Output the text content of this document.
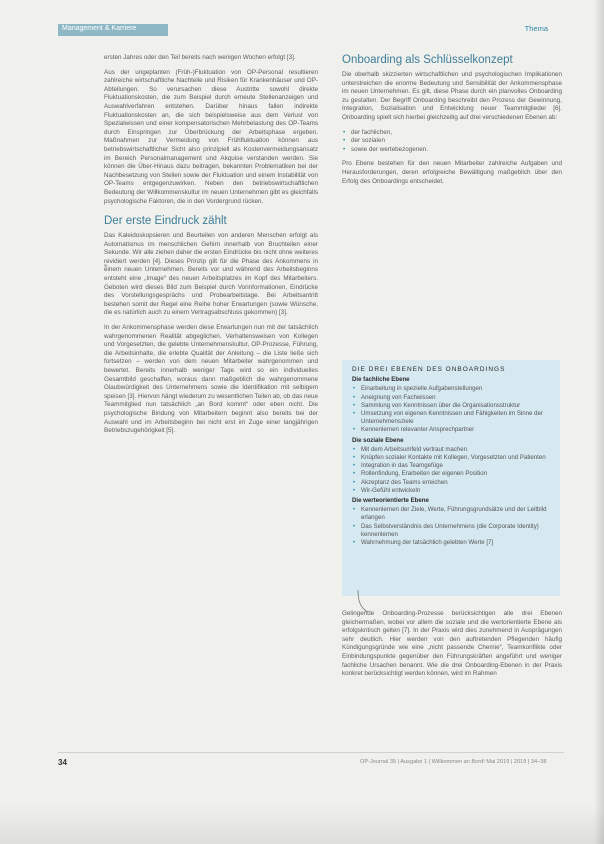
Management & Karriere	Thema

ersten Jahres oder den Teil bereits nach wenigen Wochen erfolgt [3].

Aus der ungeplanten (Früh-)Fluktuation von OP-Personal resultieren zahlreiche wirtschaftliche Nachteile und Risiken für Krankenhäuser und OP-Abteilungen. So verursachen diese Austritte sowohl direkte Fluktuationskosten, die zum Beispiel durch erneute Stellenanzeigen und Auswahlverfahren entstehen. Darüber hinaus fallen indirekte Fluktuationskosten an, die sich beispielsweise aus dem Verlust von Spezialwissen und einer kompensatorischen Mehrbelastung des OP-Teams durch Einspringen zur Überbrückung der Arbeitsphase ergeben. Maßnahmen zur Vermeidung von Frühfluktuation können aus betriebswirtschaftlicher Sicht also prinzipiell als Kostenvermeidungsansatz im Bereich Personalmanagement und Akquise verstanden werden. Sie können die Über-Hinaus dazu beitragen, bekannten Problematiken bei der Nachbesetzung von Stellen sowie der Fluktuation und einem Instabilität von OP-Teams entgegenzuwirken. Neben den betriebswirtschaftlichen Bedeutung der Willkommenskultur im neuen Unternehmen gibt es gleichfalls psychologische Faktoren, die in den Vordergrund rücken.

Der erste Eindruck zählt

Das Kaleidoskopsieren und Beurteilen von anderen Menschen erfolgt als Automatismus im menschlichen Gehirn innerhalb von Bruchteilen einer Sekunde. Wir alle ziehen daher die ersten Eindrücke bis nicht ohne weiteres revidiert werden [4]. Dieses Prinzip gilt für die Phase des Ankommens in einem neuen Unternehmen. Bereits vor und während des Arbeitsbeginns entsteht eine „Image“ des neuen Arbeitsplatzes im Kopf des Mitarbeiters. Geboten wird dieses Bild zum Beispiel durch Vorinformationen, Eindrücke des Vorstellungsgesprächs und Probearbeitstage. Bei Arbeitsantritt bestehen somit der Regel eine Reihe hoher Erwartungen (sowie Wünsche, die es natürlich auch zu einem Vertragsabschluss gekommen) [3].

In der Ankommensphase werden diese Erwartungen nun mit der tatsächlich wahrgenommenen Realität abgeglichen. Verhaltensweisen von Kollegen und Vorgesetzten, die gelebte Unternehmenskultur, OP-Prozesse, Führung, die Arbeitsinhalte, die erlebte Qualität der Anleitung – die Liste ließe sich fortsetzen – werden von dem neuen Mitarbeiter wahrgenommen und bewertet. Bereits innerhalb weniger Tage wird so ein individuelles Gesamtbild geschaffen, woraus dann maßgeblich die wahrgenommene Glaubwürdigkeit des Unternehmens sowie die Identifikation mit selbigem speisen [3]. Hiervon hängt wiederum zu wesentlichen Teilen ab, ob das neue Teammitglied nun tatsächlich „an Bord kommt“ oder eben nicht. Die psychologische Bindung von Mitarbeitern beginnt also bereits bei der Auswahl und im Arbeitsbeginn bei nicht erst im Zuge einer langjährigen Betriebszugehörigkeit [5].

Onboarding als Schlüsselkonzept

Die oberhalb skizzierten wirtschaftlichen und psychologischen Implikationen unterstreichen die enorme Bedeutung und Sensibilität der Ankommensphase im neuen Unternehmen. Es gilt, diese Phase durch ein planvolles Onboarding zu gestalten. Der Begriff Onboarding beschreibt den Prozess der Gewinnung, Integration, Sozialisation und Entwicklung neuer Teammitglieder [6]. Onboarding spielt sich hierbei gleichzeitig auf drei verschiedenen Ebenen ab:

• der fachlichen,
• der sozialen
• sowie der wertebezogenen.

Pro Ebene bestehen für den neuen Mitarbeiter zahlreiche Aufgaben und Herausforderungen, deren erfolgreiche Bewältigung maßgeblich über den Erfolg des Onboardings entscheidet.

DIE DREI EBENEN DES ONBOARDINGS
Die fachliche Ebene
• Einarbeitung in spezielle Aufgabenstellungen
• Aneignung von Fachwissen
• Sammlung von Kenntnissen über die Organisationsstruktur
• Umsetzung von eigenen Kenntnissen und Fähigkeiten im Sinne der Unternehmensziele
• Kennenlernen relevanter Ansprechpartner
Die soziale Ebene
• Mit dem Arbeitsumfeld vertraut machen
• Knüpfen sozialer Kontakte mit Kollegen, Vorgesetzten und Patienten
• Integration in das Teamgefüge
• Rollenfindung, Erarbeiten der eigenen Position
• Akzeptanz des Teams erreichen
• Wir-Gefühl entwickeln
Die werteorientierte Ebene
• Kennenlernen der Ziele, Werte, Führungsgrundsätze und der Leitbild erlangen
• Das Selbstverständnis des Unternehmens (die Corporate Identity) kennenlernen
• Wahrnehmung der tatsächlich gelebten Werte [7]

Gelingende Onboarding-Prozesse berücksichtigen alle drei Ebenen gleichermaßen, wobei vor allem die soziale und die wertorientierte Ebene als erfolgskritisch gelten [7]. In der Praxis wird dies zunehmend in Ausprägungen sehr deutlich. Hier werden von den auftretenden Pflegenden häufig Kündigungsgründe wie eine „nicht passende Chemie“, Teamkonflikte oder Einbindungspunkte gegenüber den Führungskräften angeführt und weniger fachliche Ursachen benannt. Wie die drei Onboarding-Ebenen in der Praxis konkret berücksichtigt werden können, wird im Rahmen

34	OP-Journal 35 | Ausgabe 1 | Willkommen an Bord! Mai 2019 | 2019 | 34–38
